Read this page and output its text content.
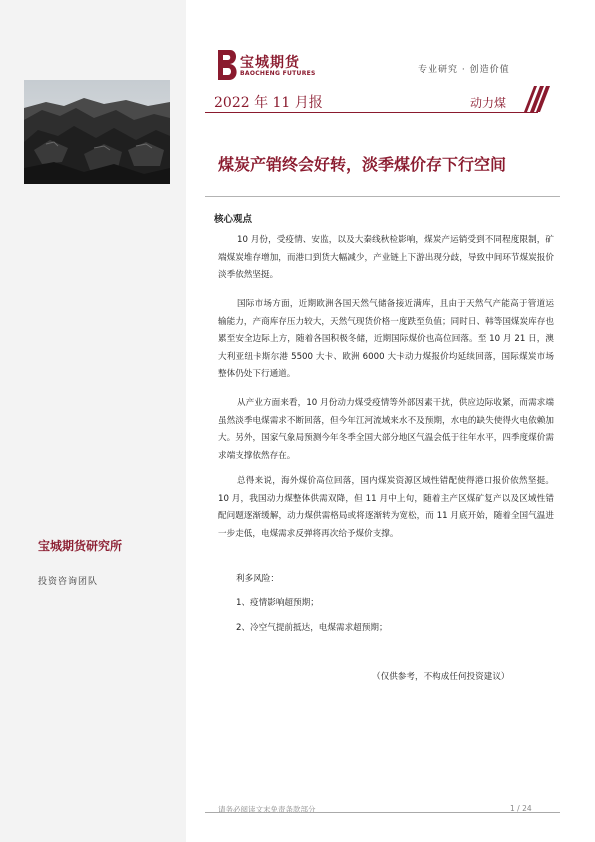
宝城期货研究所
投资咨询团队
宝城期货
BAOCHENG FUTURES	专业研究 · 创造价值
2022 年 11 月报	动力煤
煤炭产销终会好转，淡季煤价存下行空间
核心观点

10 月份，受疫情、安监，以及大秦线秋检影响，煤炭产运销受到不同程度限制，矿端煤炭堆存增加，而港口到货大幅减少，产业链上下游出现分歧，导致中间环节煤炭报价淡季依然坚挺。

国际市场方面，近期欧洲各国天然气储备接近满库，且由于天然气产能高于管道运输能力，产商库存压力较大，天然气现货价格一度跌至负值；同时日、韩等国煤炭库存也累至安全边际上方，随着各国积极冬储，近期国际煤价也高位回落。至 10 月 21 日，澳大利亚纽卡斯尔港 5500 大卡、欧洲 6000 大卡动力煤报价均延续回落，国际煤炭市场整体仍处下行通道。

从产业方面来看，10 月份动力煤受疫情等外部因素干扰，供应边际收紧，而需求端虽然淡季电煤需求不断回落，但今年江河流域来水不及预期，水电的缺失使得火电依赖加大。另外，国家气象局预测今年冬季全国大部分地区气温会低于往年水平，四季度煤价需求端支撑依然存在。

总得来说，海外煤价高位回落，国内煤炭资源区域性错配使得港口报价依然坚挺。10 月，我国动力煤整体供需双降，但 11 月中上旬，随着主产区煤矿复产以及区域性错配问题逐渐缓解，动力煤供需格局或将逐渐转为宽松，而 11 月底开始，随着全国气温进一步走低，电煤需求反弹将再次给予煤价支撑。

利多风险：
1、疫情影响超预期；
2、冷空气提前抵达，电煤需求超预期；
（仅供参考，不构成任何投资建议）
请务必阅读文末免责条款部分	1 / 24
